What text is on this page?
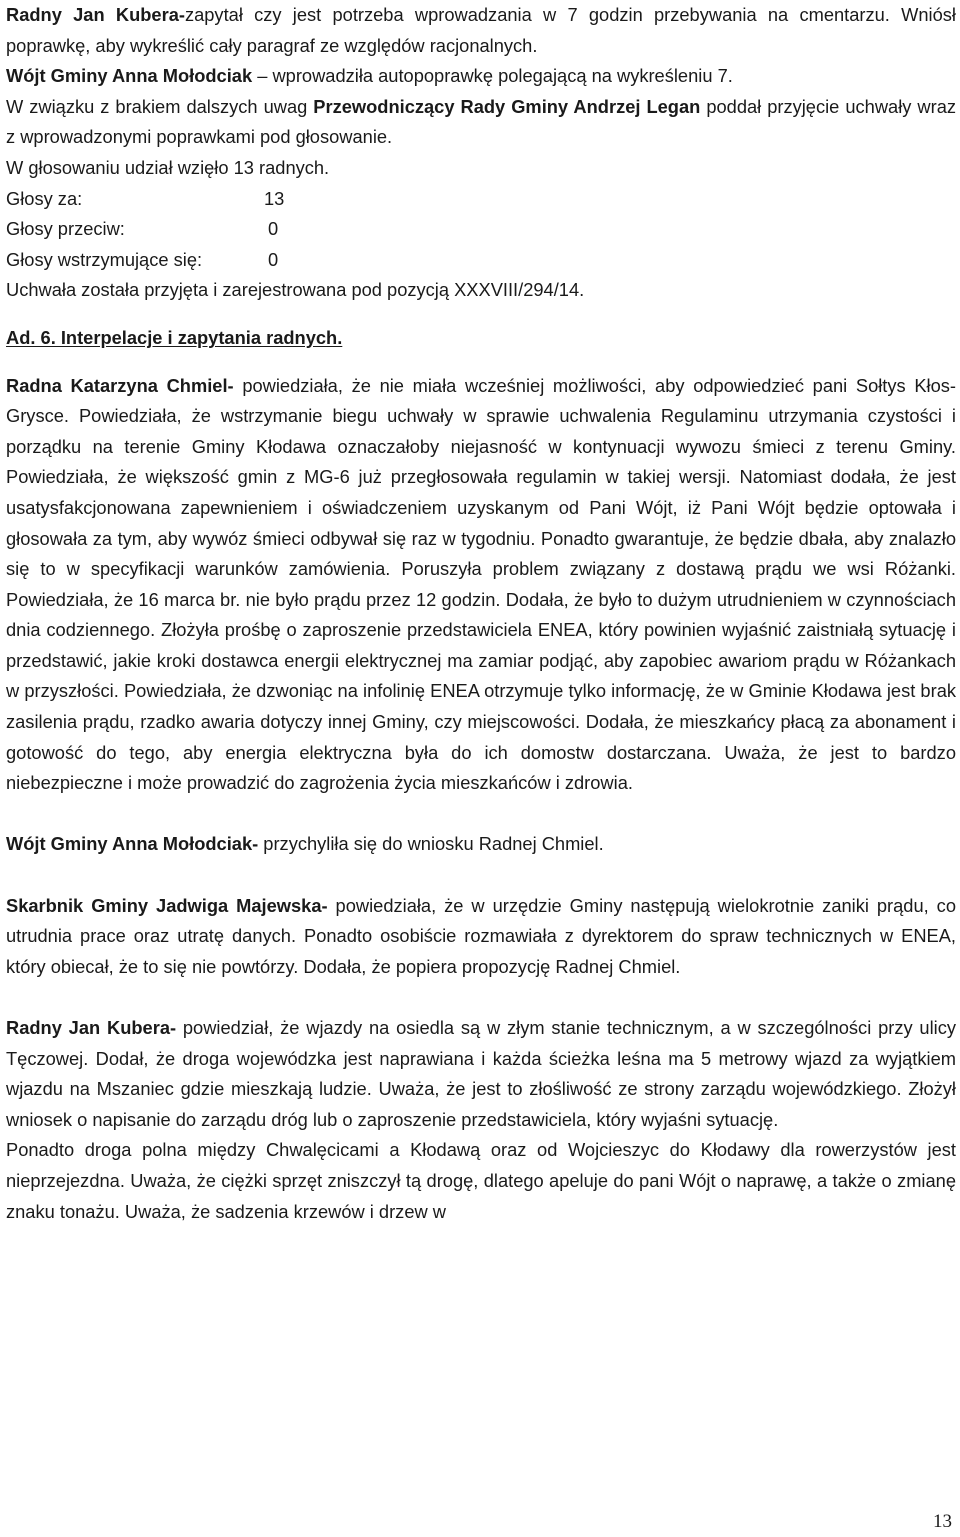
Radny Jan Kubera-zapytał czy jest potrzeba wprowadzania w 7 godzin przebywania na cmentarzu. Wniósł poprawkę, aby wykreślić cały paragraf ze względów racjonalnych.

Wójt Gminy Anna Mołodciak – wprowadziła autopoprawkę polegającą na wykreśleniu 7.

W związku z brakiem dalszych uwag Przewodniczący Rady Gminy Andrzej Legan poddał przyjęcie uchwały wraz z wprowadzonymi poprawkami pod głosowanie.

W głosowaniu udział wzięło 13 radnych.
Głosy za:	13
Głosy przeciw:	0
Głosy wstrzymujące się:	0
Uchwała została przyjęta i zarejestrowana pod pozycją XXXVIII/294/14.
Ad. 6. Interpelacje i zapytania radnych.

Radna Katarzyna Chmiel- powiedziała, że nie miała wcześniej możliwości, aby odpowiedzieć pani Sołtys Kłos- Grysce. Powiedziała, że wstrzymanie biegu uchwały w sprawie uchwalenia Regulaminu utrzymania czystości i porządku na terenie Gminy Kłodawa oznaczałoby niejasność w kontynuacji wywozu śmieci z terenu Gminy. Powiedziała, że większość gmin z MG-6 już przegłosowała regulamin w takiej wersji. Natomiast dodała, że jest usatysfakcjonowana zapewnieniem i oświadczeniem uzyskanym od Pani Wójt, iż Pani Wójt będzie optowała i głosowała za tym, aby wywóz śmieci odbywał się raz w tygodniu. Ponadto gwarantuje, że będzie dbała, aby znalazło się to w specyfikacji warunków zamówienia. Poruszyła problem związany z dostawą prądu we wsi Różanki. Powiedziała, że 16 marca br. nie było prądu przez 12 godzin. Dodała, że było to dużym utrudnieniem w czynnościach dnia codziennego. Złożyła prośbę o zaproszenie przedstawiciela ENEA, który powinien wyjaśnić zaistniałą sytuację i przedstawić, jakie kroki dostawca energii elektrycznej ma zamiar podjąć, aby zapobiec awariom prądu w Różankach w przyszłości. Powiedziała, że dzwoniąc na infolinię ENEA otrzymuje tylko informację, że w Gminie Kłodawa jest brak zasilenia prądu, rzadko awaria dotyczy innej Gminy, czy miejscowości. Dodała, że mieszkańcy płacą za abonament i gotowość do tego, aby energia elektryczna była do ich domostw dostarczana. Uważa, że jest to bardzo niebezpieczne i może prowadzić do zagrożenia życia mieszkańców i zdrowia.

Wójt Gminy Anna Mołodciak- przychyliła się do wniosku Radnej Chmiel.

Skarbnik Gminy Jadwiga Majewska- powiedziała, że w urzędzie Gminy następują wielokrotnie zaniki prądu, co utrudnia prace oraz utratę danych. Ponadto osobiście rozmawiała z dyrektorem do spraw technicznych w ENEA, który obiecał, że to się nie powtórzy. Dodała, że popiera propozycję Radnej Chmiel.

Radny Jan Kubera- powiedział, że wjazdy na osiedla są w złym stanie technicznym, a w szczególności przy ulicy Tęczowej. Dodał, że droga wojewódzka jest naprawiana i każda ścieżka leśna ma 5 metrowy wjazd za wyjątkiem wjazdu na Mszaniec gdzie mieszkają ludzie. Uważa, że jest to złośliwość ze strony zarządu wojewódzkiego. Złożył wniosek o napisanie do zarządu dróg lub o zaproszenie przedstawiciela, który wyjaśni sytuację.

Ponadto droga polna między Chwalęcicami a Kłodawą oraz od Wojcieszyc do Kłodawy dla rowerzystów jest nieprzejezdna. Uważa, że ciężki sprzęt zniszczył tą drogę, dlatego apeluje do pani Wójt o naprawę, a także o zmianę znaku tonażu. Uważa, że sadzenia krzewów i drzew w

13
